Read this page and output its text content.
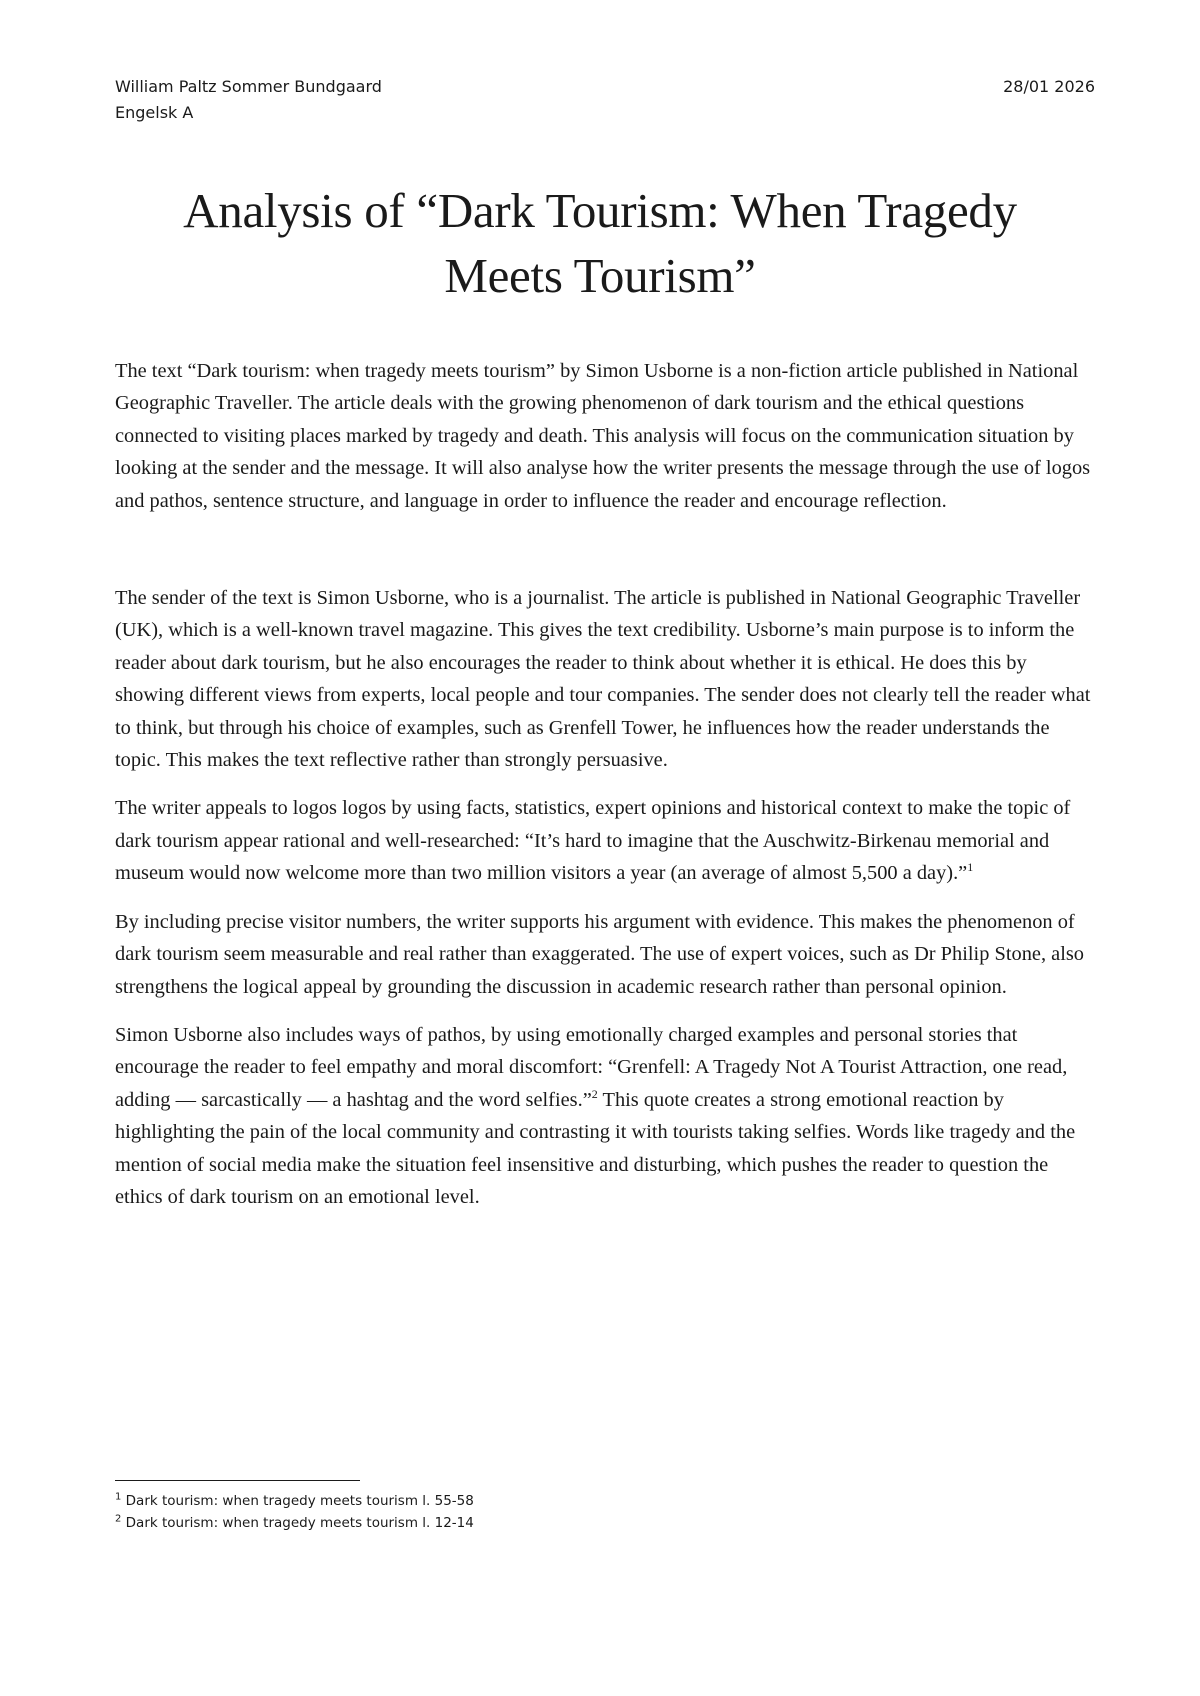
William Paltz Sommer Bundgaard
Engelsk A
28/01 2026
Analysis of “Dark Tourism: When Tragedy
Meets Tourism”

The text “Dark tourism: when tragedy meets tourism” by Simon Usborne is a non-fiction article published in National Geographic Traveller. The article deals with the growing phenomenon of dark tourism and the ethical questions connected to visiting places marked by tragedy and death. This analysis will focus on the communication situation by looking at the sender and the message. It will also analyse how the writer presents the message through the use of logos and pathos, sentence structure, and language in order to influence the reader and encourage reflection.

The sender of the text is Simon Usborne, who is a journalist. The article is published in National Geographic Traveller (UK), which is a well-known travel magazine. This gives the text credibility. Usborne’s main purpose is to inform the reader about dark tourism, but he also encourages the reader to think about whether it is ethical. He does this by showing different views from experts, local people and tour companies. The sender does not clearly tell the reader what to think, but through his choice of examples, such as Grenfell Tower, he influences how the reader understands the topic. This makes the text reflective rather than strongly persuasive.

The writer appeals to logos logos by using facts, statistics, expert opinions and historical context to make the topic of dark tourism appear rational and well-researched: “It’s hard to imagine that the Auschwitz-Birkenau memorial and museum would now welcome more than two million visitors a year (an average of almost 5,500 a day).”$^1$

By including precise visitor numbers, the writer supports his argument with evidence. This makes the phenomenon of dark tourism seem measurable and real rather than exaggerated. The use of expert voices, such as Dr Philip Stone, also strengthens the logical appeal by grounding the discussion in academic research rather than personal opinion.

Simon Usborne also includes ways of pathos, by using emotionally charged examples and personal stories that encourage the reader to feel empathy and moral discomfort: “Grenfell: A Tragedy Not A Tourist Attraction, one read, adding — sarcastically — a hashtag and the word selfies.”$^2$ This quote creates a strong emotional reaction by highlighting the pain of the local community and contrasting it with tourists taking selfies. Words like tragedy and the mention of social media make the situation feel insensitive and disturbing, which pushes the reader to question the ethics of dark tourism on an emotional level.

$^1$ Dark tourism: when tragedy meets tourism l. 55-58
$^2$ Dark tourism: when tragedy meets tourism l. 12-14
